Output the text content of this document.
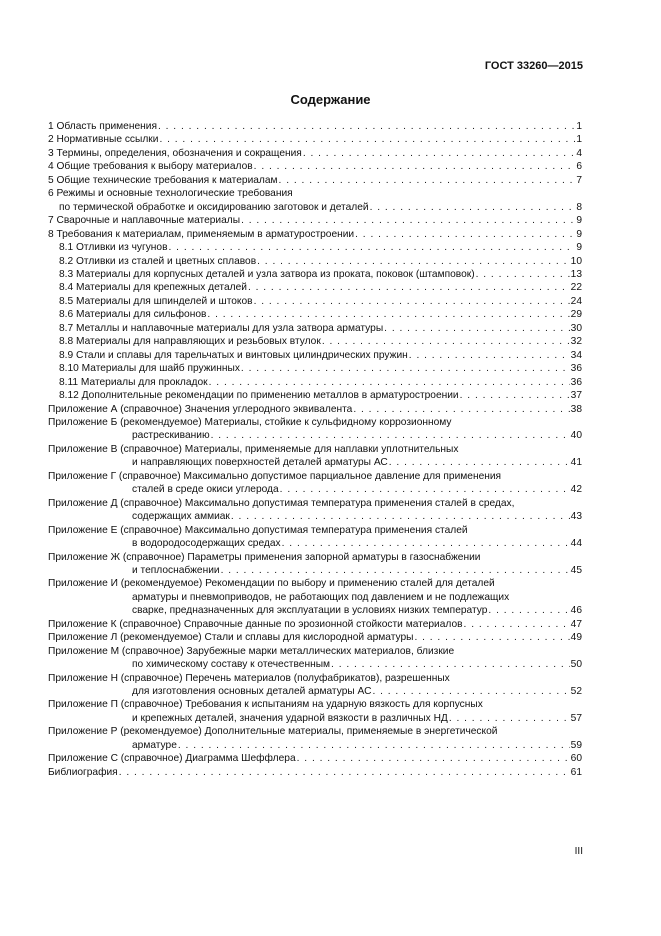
ГОСТ 33260—2015
Содержание
1 Область применения . . .	1
2 Нормативные ссылки . . .	1
3 Термины, определения, обозначения и сокращения . . .	4
4 Общие требования к выбору материалов . . .	6
5 Общие технические требования к материалам . . .	7
6 Режимы и основные технологические требования
по термической обработке и оксидированию заготовок и деталей . . .	8
7 Сварочные и наплавочные материалы . . .	9
8 Требования к материалам, применяемым в арматуростроении . . .	9
8.1 Отливки из чугунов . . .	9
8.2 Отливки из сталей и цветных сплавов . . .	10
8.3 Материалы для корпусных деталей и узла затвора из проката, поковок (штамповок) . . .	13
8.4 Материалы для крепежных деталей . . .	22
8.5 Материалы для шпинделей и штоков . . .	24
8.6 Материалы для сильфонов . . .	29
8.7 Металлы и наплавочные материалы для узла затвора арматуры . . .	30
8.8 Материалы для направляющих и резьбовых втулок . . .	32
8.9 Стали и сплавы для тарельчатых и винтовых цилиндрических пружин . . .	34
8.10 Материалы для шайб пружинных . . .	36
8.11 Материалы для прокладок . . .	36
8.12 Дополнительные рекомендации по применению металлов в арматуростроении . . .	37
Приложение А (справочное) Значения углеродного эквивалента . . .	38
Приложение Б (рекомендуемое) Материалы, стойкие к сульфидному коррозионному
растрескиванию . . .	40
Приложение В (справочное) Материалы, применяемые для наплавки уплотнительных
и направляющих поверхностей деталей арматуры АС . . .	41
Приложение Г (справочное) Максимально допустимое парциальное давление для применения
сталей в среде окиси углерода . . .	42
Приложение Д (справочное) Максимально допустимая температура применения сталей в средах,
содержащих аммиак . . .	43
Приложение Е (справочное) Максимально допустимая температура применения сталей
в водородосодержащих средах . . .	44
Приложение Ж (справочное) Параметры применения запорной арматуры в газоснабжении
и теплоснабжении . . .	45
Приложение И (рекомендуемое) Рекомендации по выбору и применению сталей для деталей
арматуры и пневмоприводов, не работающих под давлением и не подлежащих
сварке, предназначенных для эксплуатации в условиях низких температур . . .	46
Приложение К (справочное) Справочные данные по эрозионной стойкости материалов . . .	47
Приложение Л (рекомендуемое) Стали и сплавы для кислородной арматуры . . .	49
Приложение М (справочное) Зарубежные марки металлических материалов, близкие
по химическому составу к отечественным . . .	50
Приложение Н (справочное) Перечень материалов (полуфабрикатов), разрешенных
для изготовления основных деталей арматуры АС . . .	52
Приложение П (справочное) Требования к испытаниям на ударную вязкость для корпусных
и крепежных деталей, значения ударной вязкости в различных НД . . .	57
Приложение Р (рекомендуемое) Дополнительные материалы, применяемые в энергетической
арматуре . . .	59
Приложение С (справочное) Диаграмма Шеффлера . . .	60
Библиография . . .	61
III
